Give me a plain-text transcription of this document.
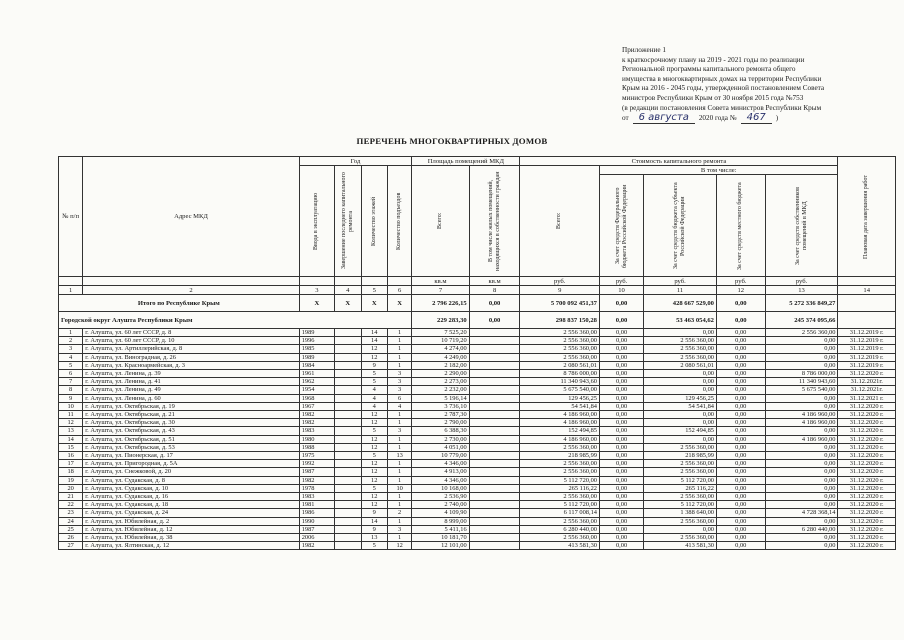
Приложение 1
к краткосрочному плану на 2019 - 2021 годы по реализации
Региональной программы капитального ремонта общего
имущества в многоквартирных домах на территории Республики
Крым на 2016 - 2045 годы, утвержденной постановлением Совета
министров Республики Крым от 30 ноября 2015 года №753
(в редакции постановления Совета министров Республики Крым
от	6 августа	2020 года №	467	)
ПЕРЕЧЕНЬ МНОГОКВАРТИРНЫХ ДОМОВ
№ п/п	Адрес МКД	Год				Площадь помещений МКД		Стоимость капитального ремонта					Плановая дата завершения работ

		Ввода в эксплуатацию	Завершение последнего капитального ремонта	Количество этажей	Количество подъездов	Всего:	В том числе жилых помещений, находящихся в собственности граждан	Всего:	В том числе:				

									За счет средств Федерального бюджета Российской Федерации	За счет средств бюджета субъекта Российской Федерации	За счет средств местного бюджета	За счет средств собственников помещений в МКД	

						кв.м	кв.м	руб.	руб.	руб.	руб.	руб.	
1	2	3	4	5	6	7	8	9	10	11	12	13	14
Итого по Республике Крым		Х	Х	Х	Х	2 796 226,15	0,00	5 700 092 451,37	0,00	428 667 529,00	0,00	5 272 336 849,27	
Городской округ Алушта Республики Крым						229 283,30	0,00	298 837 150,28	0,00	53 463 054,62	0,00	245 374 095,66	
1	г. Алушта, ул. 60 лет СССР, д. 8	1989		14	1	7 525,20		2 556 360,00	0,00	0,00	0,00	2 556 360,00	31.12.2019 г.
2	г. Алушта, ул. 60 лет СССР, д. 10	1996		14	1	10 719,20		2 556 360,00	0,00	2 556 360,00	0,00	0,00	31.12.2019 г.
3	г. Алушта, ул. Артиллерийская, д. 8	1985		12	1	4 274,00		2 556 360,00	0,00	2 556 360,00	0,00	0,00	31.12.2019 г.
4	г. Алушта, ул. Виноградная, д. 26	1989		12	1	4 249,00		2 556 360,00	0,00	2 556 360,00	0,00	0,00	31.12.2019 г.
5	г. Алушта, ул. Красноармейская, д. 3	1984		9	1	2 182,00		2 080 561,01	0,00	2 080 561,01	0,00	0,00	31.12.2019 г.
6	г. Алушта, ул. Ленина, д. 39	1961		5	3	2 290,00		8 786 000,00	0,00	0,00	0,00	8 786 000,00	31.12.2020 г.
7	г. Алушта, ул. Ленина, д. 41	1962		5	3	2 273,00		11 340 943,60	0,00	0,00	0,00	11 340 943,60	31.12.2021г.
8	г. Алушта, ул. Ленина, д. 49	1954		4	3	2 232,00		5 675 540,00	0,00	0,00	0,00	5 675 540,00	31.12.2021г.
9	г. Алушта, ул. Ленина, д. 60	1968		4	6	5 196,14		129 456,25	0,00	129 456,25	0,00	0,00	31.12.2021 г.
10	г. Алушта, ул. Октябрьская, д. 19	1967		4	4	3 736,10		54 541,84	0,00	54 541,84	0,00	0,00	31.12.2020 г.
11	г. Алушта, ул. Октябрьская, д. 21	1982		12	1	2 787,30		4 186 960,00	0,00	0,00	0,00	4 186 960,00	31.12.2020 г.
12	г. Алушта, ул. Октябрьская, д. 30	1982		12	1	2 790,00		4 186 960,00	0,00	0,00	0,00	4 186 960,00	31.12.2020 г.
13	г. Алушта, ул. Октябрьская, д. 43	1983		5	3	6 388,30		152 494,85	0,00	152 494,85	0,00	0,00	31.12.2020 г.
14	г. Алушта, ул. Октябрьская, д. 51	1980		12	1	2 730,00		4 186 960,00	0,00	0,00	0,00	4 186 960,00	31.12.2020 г.
15	г. Алушта, ул. Октябрьская, д. 53	1988		12	1	4 051,00		2 556 360,00	0,00	2 556 360,00	0,00	0,00	31.12.2020 г.
16	г. Алушта, ул. Пионерская, д. 17	1975		5	13	10 779,00		218 985,99	0,00	218 985,99	0,00	0,00	31.12.2020 г.
17	г. Алушта, ул. Пригородная, д. 5А	1992		12	1	4 346,00		2 556 360,00	0,00	2 556 360,00	0,00	0,00	31.12.2020 г.
18	г. Алушта, ул. Снежковой, д. 20	1987		12	1	4 913,00		2 556 360,00	0,00	2 556 360,00	0,00	0,00	31.12.2020 г.
19	г. Алушта, ул. Судакская, д. 8	1982		12	1	4 346,00		5 112 720,00	0,00	5 112 720,00	0,00	0,00	31.12.2020 г.
20	г. Алушта, ул. Судакская, д. 10	1978		5	10	10 168,00		265 116,22	0,00	265 116,22	0,00	0,00	31.12.2020 г.
21	г. Алушта, ул. Судакская, д. 16	1983		12	1	2 536,90		2 556 360,00	0,00	2 556 360,00	0,00	0,00	31.12.2020 г.
22	г. Алушта, ул. Судакская, д. 18	1981		12	1	2 740,00		5 112 720,00	0,00	5 112 720,00	0,00	0,00	31.12.2020 г.
23	г. Алушта, ул. Судакская, д. 24	1986		9	2	4 109,90		6 117 008,14	0,00	1 388 640,00	0,00	4 728 368,14	31.12.2020 г.
24	г. Алушта, ул. Юбилейная, д. 2	1990		14	1	8 999,00		2 556 360,00	0,00	2 556 360,00	0,00	0,00	31.12.2020 г.
25	г. Алушта, ул. Юбилейная, д. 12	1987		9	3	5 411,16		6 280 440,00	0,00	0,00	0,00	6 280 440,00	31.12.2020 г.
26	г. Алушта, ул. Юбилейная, д. 38	2006		13	1	10 181,70		2 556 360,00	0,00	2 556 360,00	0,00	0,00	31.12.2020 г.
27	г. Алушта, ул. Ялтинская, д. 12	1982		5	12	12 101,00		413 581,30	0,00	413 581,30	0,00	0,00	31.12.2020 г.
